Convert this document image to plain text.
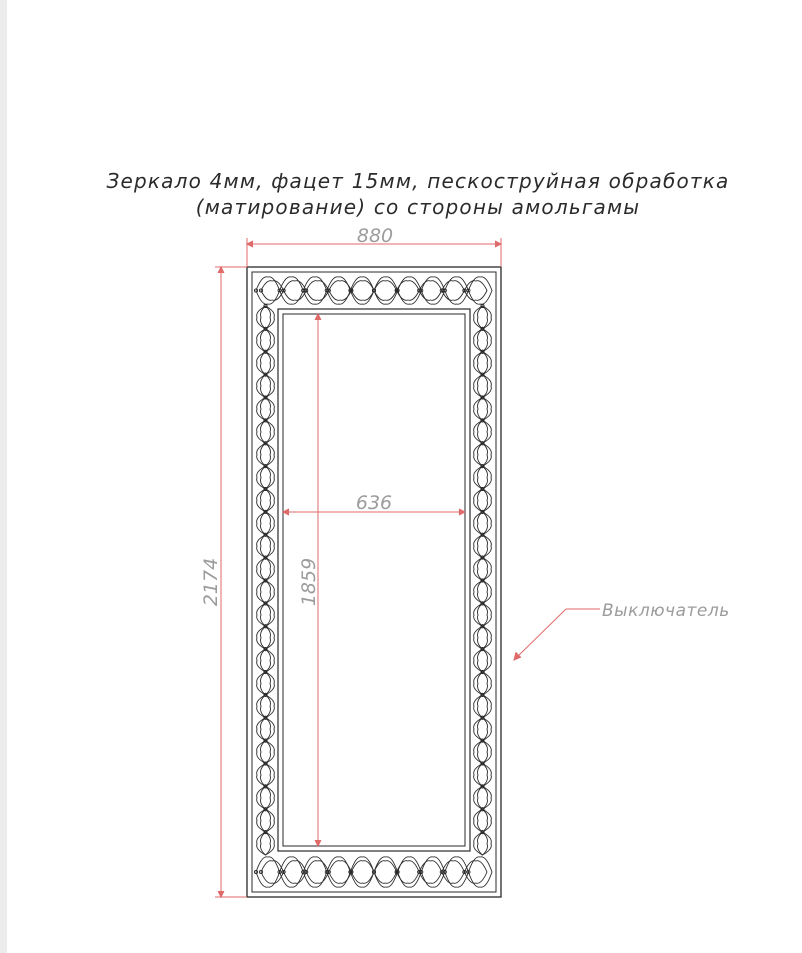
Зеркало 4мм, фацет 15мм, пескоструйная обработка
(матирование) со стороны амольгамы
880
2174
636
1859
Выключатель
